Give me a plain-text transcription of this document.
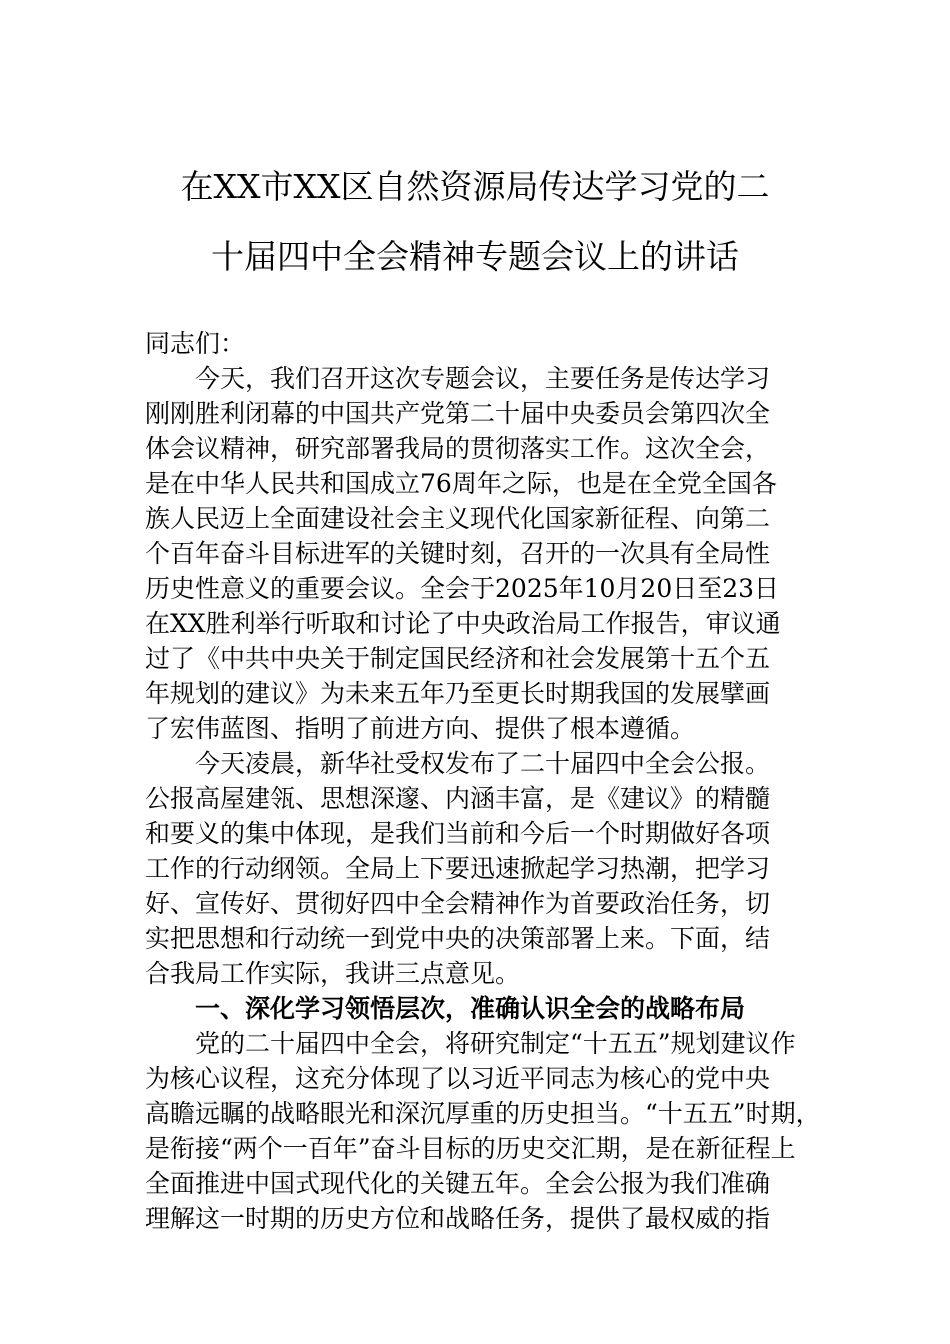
在XX市XX区自然资源局传达学习党的二
十届四中全会精神专题会议上的讲话
同志们：
今天，我们召开这次专题会议，主要任务是传达学习
刚刚胜利闭幕的中国共产党第二十届中央委员会第四次全
体会议精神，研究部署我局的贯彻落实工作。这次全会，
是在中华人民共和国成立76周年之际，也是在全党全国各
族人民迈上全面建设社会主义现代化国家新征程、向第二
个百年奋斗目标进军的关键时刻，召开的一次具有全局性
历史性意义的重要会议。全会于2025年10月20日至23日
在XX胜利举行听取和讨论了中央政治局工作报告，审议通
过了《中共中央关于制定国民经济和社会发展第十五个五
年规划的建议》为未来五年乃至更长时期我国的发展擘画
了宏伟蓝图、指明了前进方向、提供了根本遵循。
今天凌晨，新华社受权发布了二十届四中全会公报。
公报高屋建瓴、思想深邃、内涵丰富，是《建议》的精髓
和要义的集中体现，是我们当前和今后一个时期做好各项
工作的行动纲领。全局上下要迅速掀起学习热潮，把学习
好、宣传好、贯彻好四中全会精神作为首要政治任务，切
实把思想和行动统一到党中央的决策部署上来。下面，结
合我局工作实际，我讲三点意见。
一、深化学习领悟层次，准确认识全会的战略布局
党的二十届四中全会，将研究制定“十五五”规划建议作
为核心议程，这充分体现了以习近平同志为核心的党中央
高瞻远瞩的战略眼光和深沉厚重的历史担当。“十五五”时期，
是衔接“两个一百年”奋斗目标的历史交汇期，是在新征程上
全面推进中国式现代化的关键五年。全会公报为我们准确
理解这一时期的历史方位和战略任务，提供了最权威的指
